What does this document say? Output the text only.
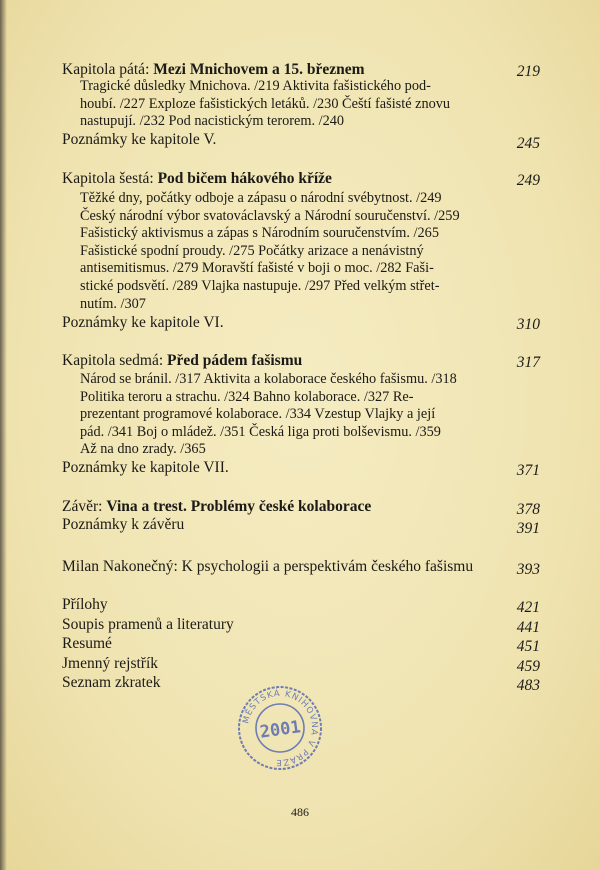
Kapitola pátá: Mezi Mnichovem a 15. březnem	219
Tragické důsledky Mnichova. /219 Aktivita fašistického pod-
houbí. /227 Exploze fašistických letáků. /230 Čeští fašisté znovu
nastupují. /232 Pod nacistickým terorem. /240
Poznámky ke kapitole V.	245
Kapitola šestá: Pod bičem hákového kříže	249
Těžké dny, počátky odboje a zápasu o národní svébytnost. /249
Český národní výbor svatováclavský a Národní souručenství. /259
Fašistický aktivismus a zápas s Národním souručenstvím. /265
Fašistické spodní proudy. /275 Počátky arizace a nenávistný
antisemitismus. /279 Moravští fašisté v boji o moc. /282 Faši-
stické podsvětí. /289 Vlajka nastupuje. /297 Před velkým střet-
nutím. /307
Poznámky ke kapitole VI.	310
Kapitola sedmá: Před pádem fašismu	317
Národ se bránil. /317 Aktivita a kolaborace českého fašismu. /318
Politika teroru a strachu. /324 Bahno kolaborace. /327 Re-
prezentant programové kolaborace. /334 Vzestup Vlajky a její
pád. /341 Boj o mládež. /351 Česká liga proti bolševismu. /359
Až na dno zrady. /365
Poznámky ke kapitole VII.	371
Závěr: Vina a trest. Problémy české kolaborace	378
Poznámky k závěru	391
Milan Nakonečný: K psychologii a perspektivám českého fašismu	393
Přílohy	421
Soupis pramenů a literatury	441
Resumé	451
Jmenný rejstřík	459
Seznam zkratek	483
MĚSTSKÁ KNIHOVNA V PRAZE
2001
486
